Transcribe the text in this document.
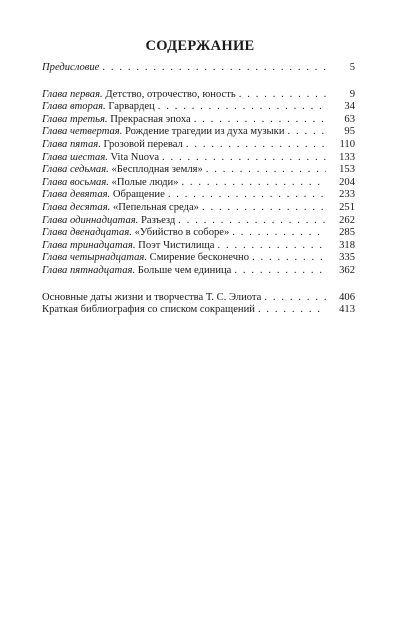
СОДЕРЖАНИЕ
Предисловие . . .	5
Глава первая. Детство, отрочество, юность . . .	9
Глава вторая. Гарвардец . . .	34
Глава третья. Прекрасная эпоха . . .	63
Глава четвертая. Рождение трагедии из духа музыки . . .	95
Глава пятая. Грозовой перевал . . .	110
Глава шестая. Vita Nuova . . .	133
Глава седьмая. «Бесплодная земля» . . .	153
Глава восьмая. «Полые люди» . . .	204
Глава девятая. Обращение . . .	233
Глава десятая. «Пепельная среда» . . .	251
Глава одиннадцатая. Разъезд . . .	262
Глава двенадцатая. «Убийство в соборе» . . .	285
Глава тринадцатая. Поэт Чистилища . . .	318
Глава четырнадцатая. Смирение бесконечно . . .	335
Глава пятнадцатая. Больше чем единица . . .	362
Основные даты жизни и творчества Т. С. Элиота . . .	406
Краткая библиография со списком сокращений . . .	413
